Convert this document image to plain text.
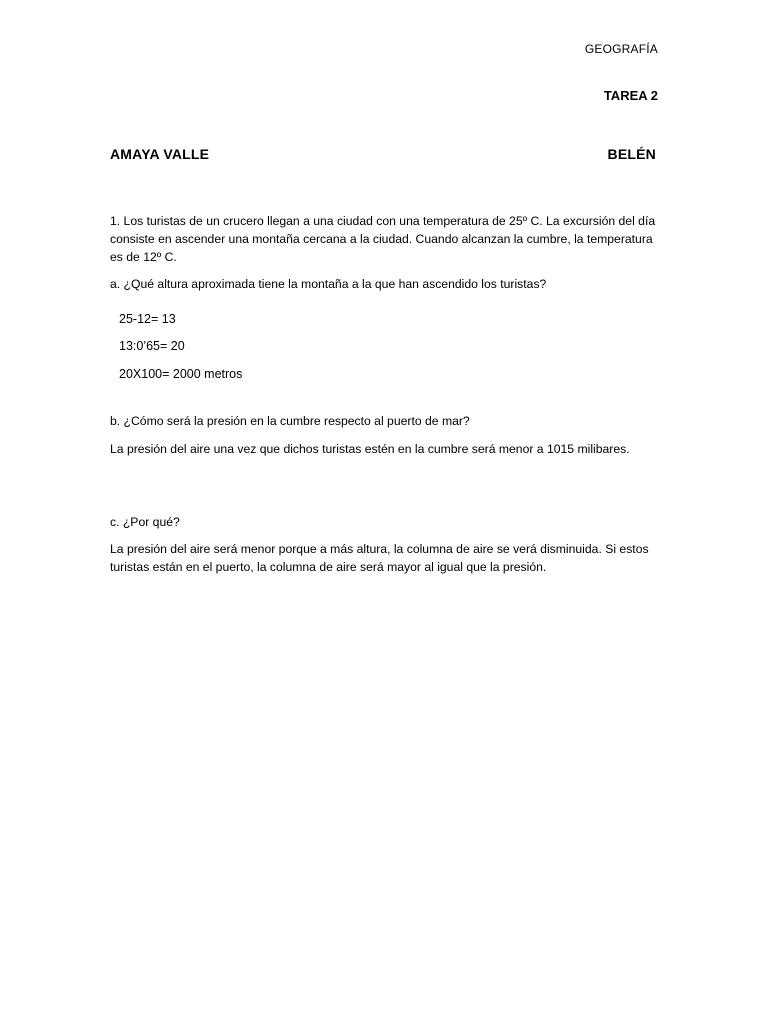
GEOGRAFÍA
TAREA 2
AMAYA VALLE	BELÉN
1. Los turistas de un crucero llegan a una ciudad con una temperatura de 25º C. La excursión del día consiste en ascender una montaña cercana a la ciudad. Cuando alcanzan la cumbre, la temperatura es de 12º C.
a. ¿Qué altura aproximada tiene la montaña a la que han ascendido los turistas?
25-12= 13
13:0’65= 20
20X100= 2000 metros
b. ¿Cómo será la presión en la cumbre respecto al puerto de mar?
La presión del aire una vez que dichos turistas estén en la cumbre será menor a 1015 milibares.
c. ¿Por qué?
La presión del aire será menor porque a más altura, la columna de aire se verá disminuida. Si estos turistas están en el puerto, la columna de aire será mayor al igual que la presión.
